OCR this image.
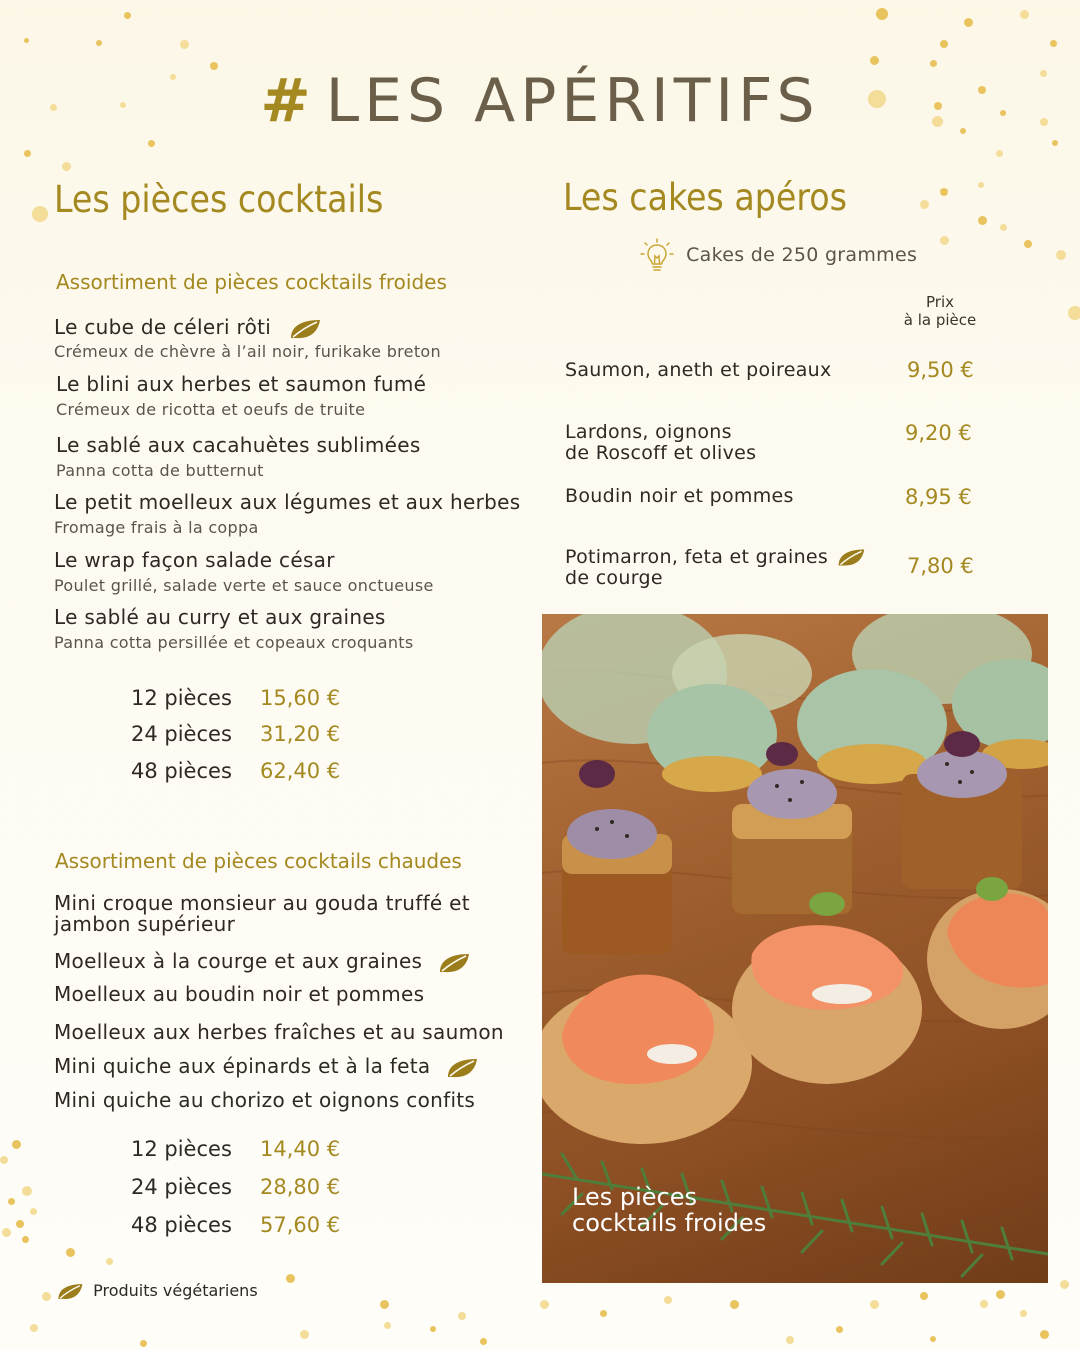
# LES APÉRITIFS
Les pièces cocktails
Assortiment de pièces cocktails froides
Le cube de céleri rôti
Crémeux de chèvre à l’ail noir, furikake breton
Le blini aux herbes et saumon fumé
Crémeux de ricotta et oeufs de truite
Le sablé aux cacahuètes sublimées
Panna cotta de butternut
Le petit moelleux aux légumes et aux herbes
Fromage frais à la coppa
Le wrap façon salade césar
Poulet grillé, salade verte et sauce onctueuse
Le sablé au curry et aux graines
Panna cotta persillée et copeaux croquants
12 pièces 15,60 €
24 pièces 31,20 €
48 pièces 62,40 €
Assortiment de pièces cocktails chaudes
Mini croque monsieur au gouda truffé et
jambon supérieur
Moelleux à la courge et aux graines
Moelleux au boudin noir et pommes
Moelleux aux herbes fraîches et au saumon
Mini quiche aux épinards et à la feta
Mini quiche au chorizo et oignons confits
12 pièces 14,40 €
24 pièces 28,80 €
48 pièces 57,60 €
Produits végétariens
Les cakes apéros
Cakes de 250 grammes
Prix
à la pièce
Saumon, aneth et poireaux	9,50 €
Lardons, oignons
de Roscoff et olives
9,20 €
Boudin noir et pommes	8,95 €
Potimarron, feta et graines
de courge	7,80 €
Les pièces
cocktails froides
